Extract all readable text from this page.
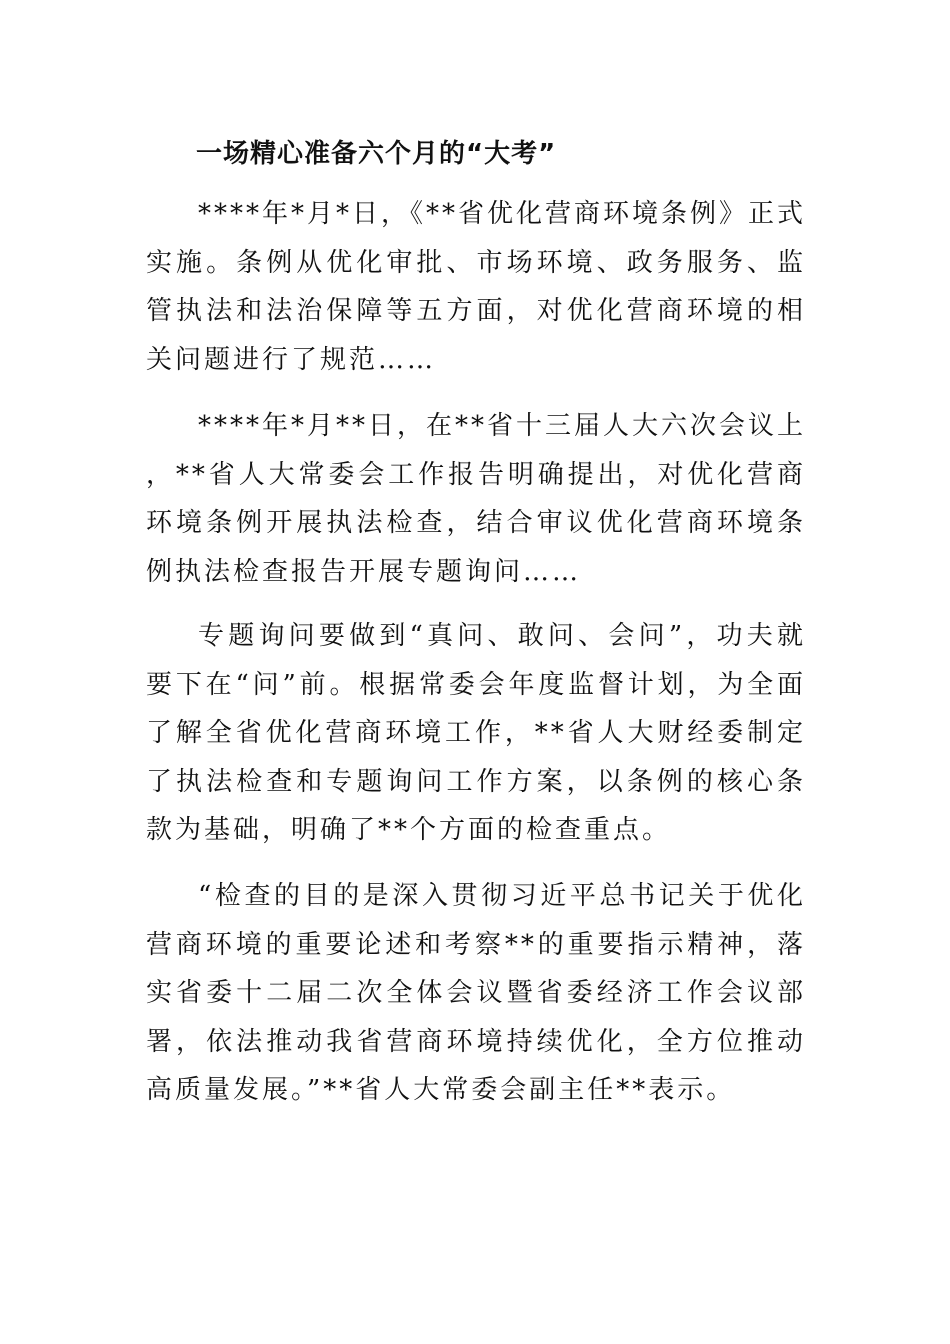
一场精心准备六个月的“大考”

****年*月*日，《**省优化营商环境条例》正式实施。条例从优化审批、市场环境、政务服务、监管执法和法治保障等五方面，对优化营商环境的相关问题进行了规范……

****年*月**日，在**省十三届人大六次会议上，**省人大常委会工作报告明确提出，对优化营商环境条例开展执法检查，结合审议优化营商环境条例执法检查报告开展专题询问……

专题询问要做到“真问、敢问、会问”，功夫就要下在“问”前。根据常委会年度监督计划，为全面了解全省优化营商环境工作，**省人大财经委制定了执法检查和专题询问工作方案，以条例的核心条款为基础，明确了**个方面的检查重点。

“检查的目的是深入贯彻习近平总书记关于优化营商环境的重要论述和考察**的重要指示精神，落实省委十二届二次全体会议暨省委经济工作会议部署，依法推动我省营商环境持续优化，全方位推动高质量发展。”**省人大常委会副主任**表示。
